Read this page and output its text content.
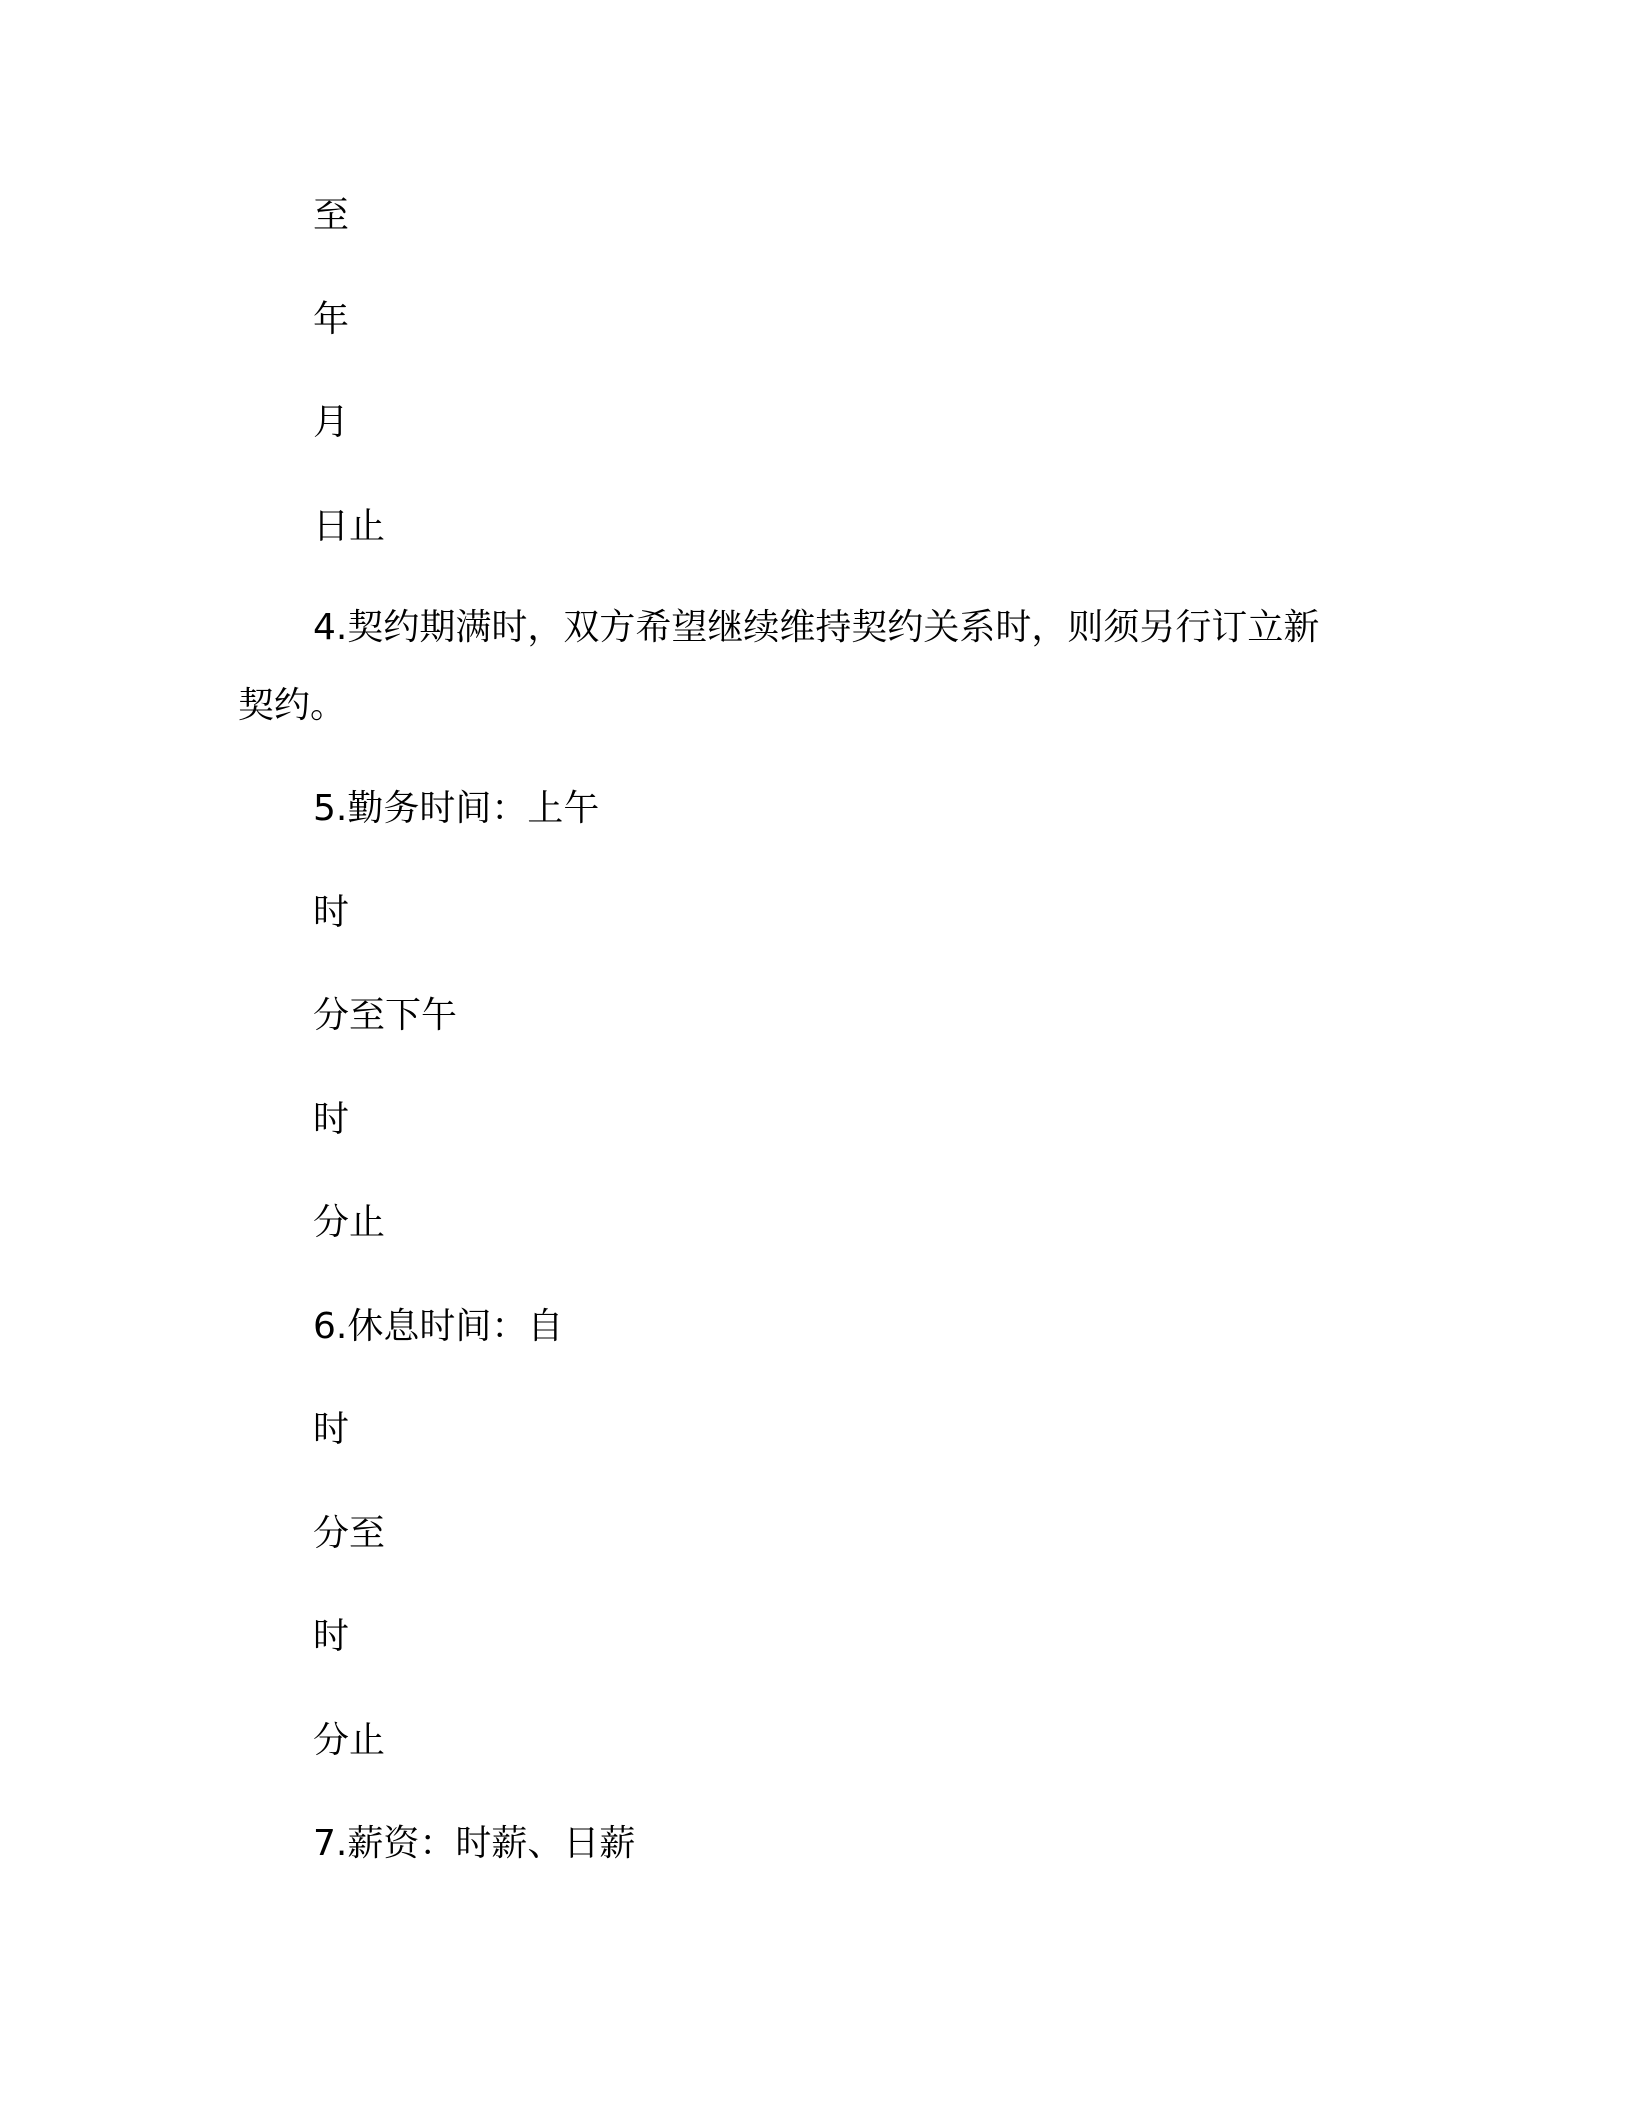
至

年

月

日止

4.契约期满时，双方希望继续维持契约关系时，则须另行订立新

契约。

5.勤务时间：上午

时

分至下午

时

分止

6.休息时间：自

时

分至

时

分止

7.薪资：时薪、日薪
